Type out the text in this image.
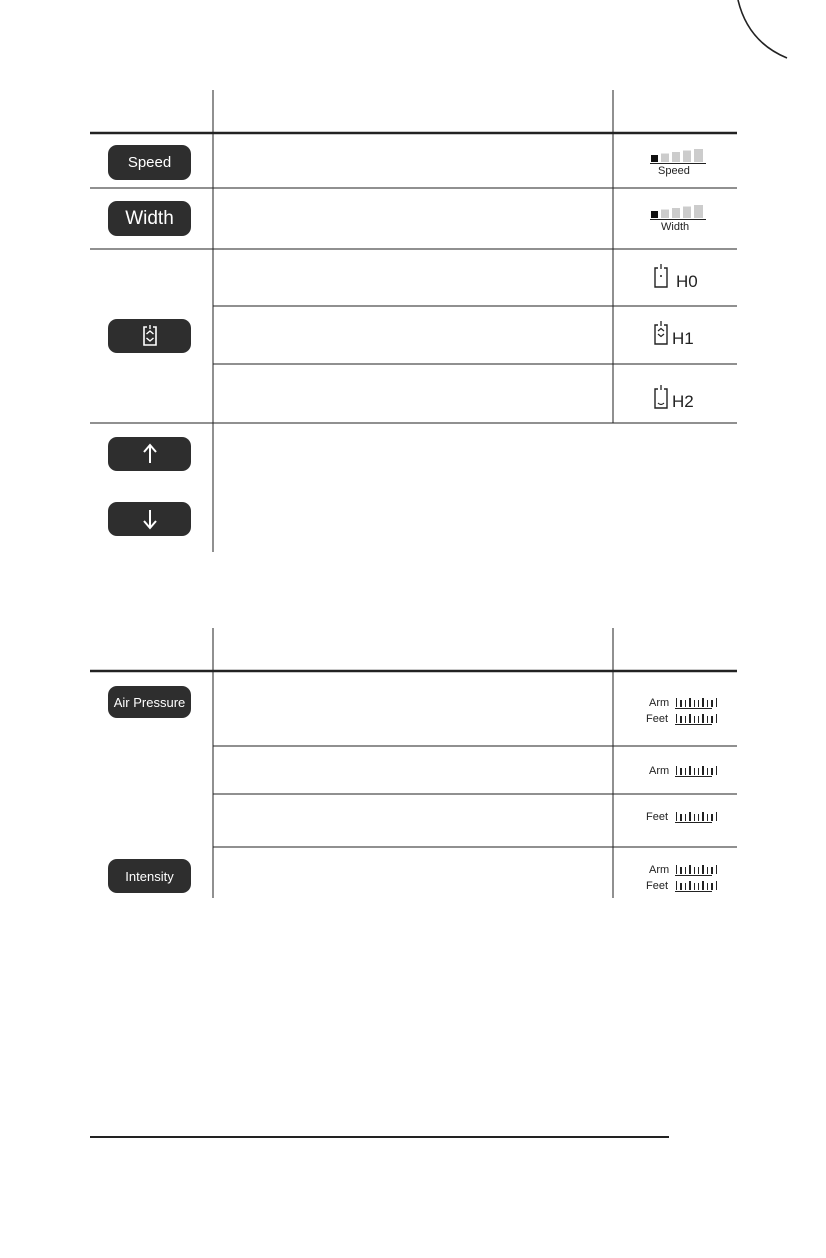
Speed
Width
Speed
Width
H0
H1
H2
Air Pressure
Intensity
Arm
Feet
Arm
Feet
Arm
Feet
